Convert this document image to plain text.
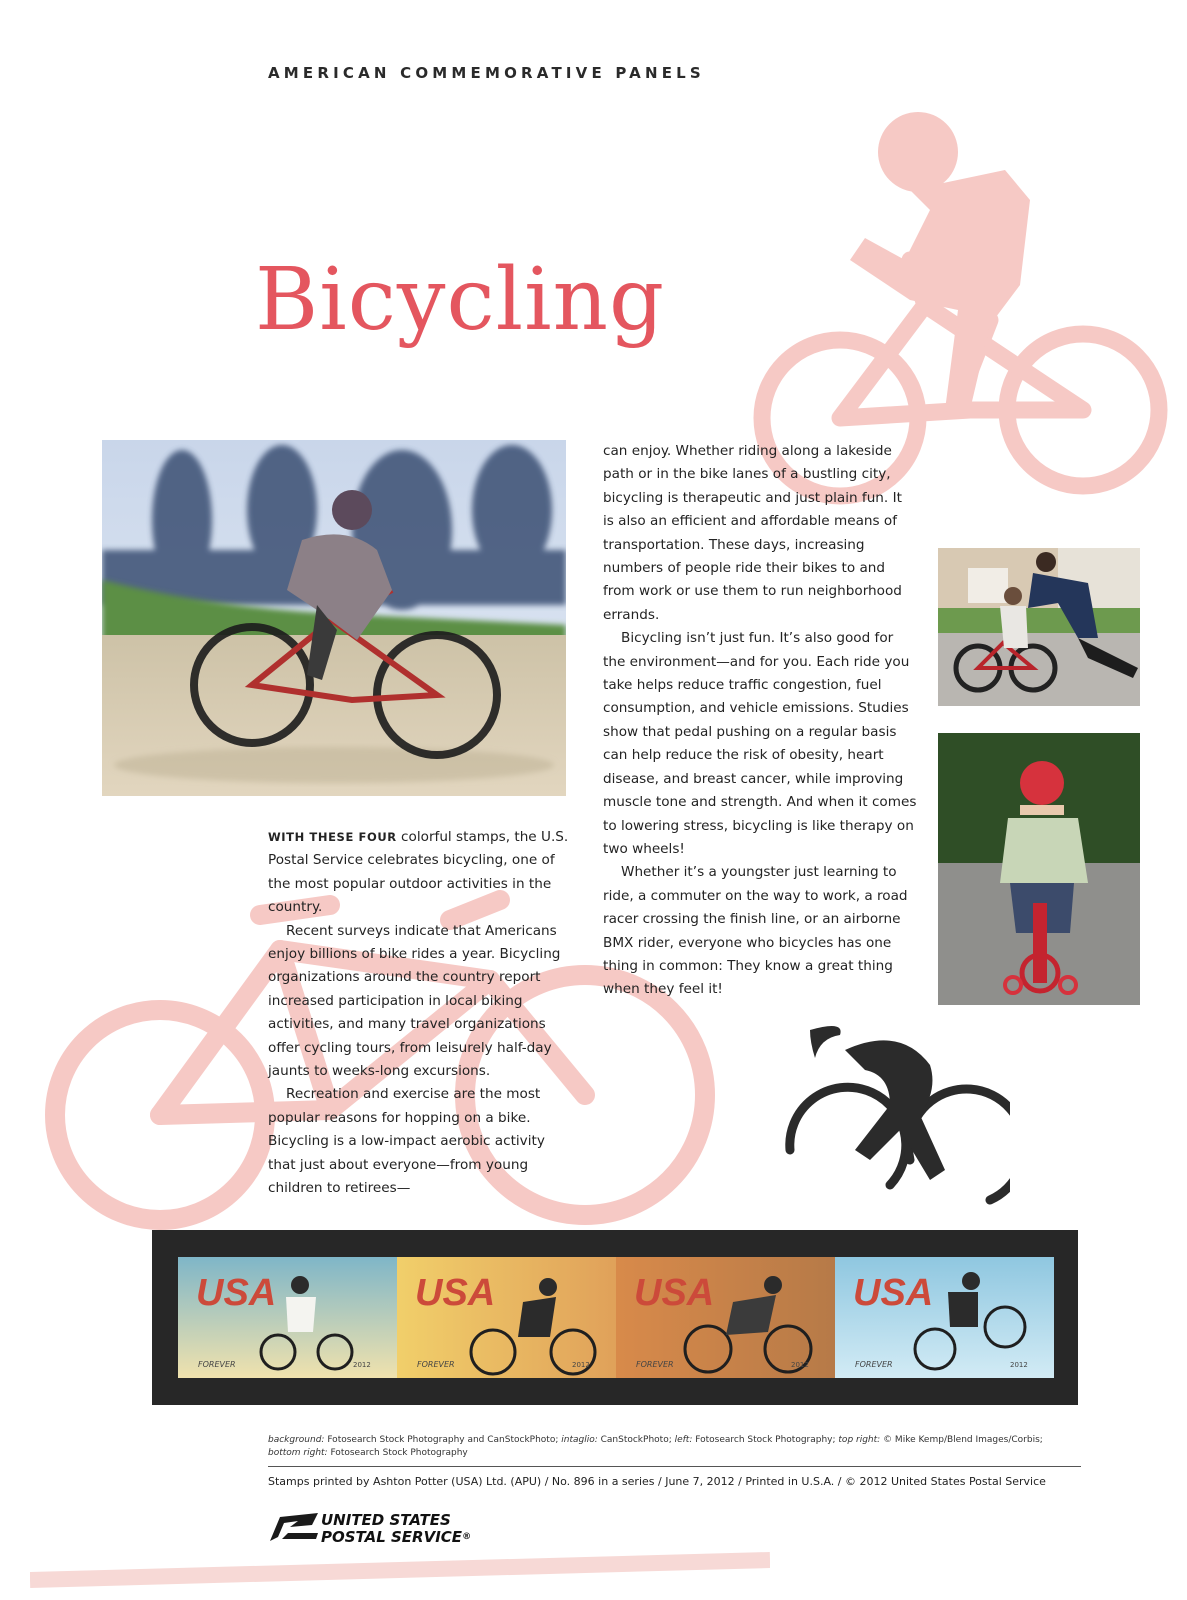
AMERICAN COMMEMORATIVE PANELS
Bicycling

WITH THESE FOUR colorful stamps, the U.S. Postal Service celebrates bicycling, one of the most popular outdoor activities in the country.

Recent surveys indicate that Americans enjoy billions of bike rides a year. Bicycling organizations around the country report increased participation in local biking activities, and many travel organizations offer cycling tours, from leisurely half-day jaunts to weeks-long excursions.

Recreation and exercise are the most popular reasons for hopping on a bike. Bicycling is a low-impact aerobic activity that just about everyone—from young children to retirees—

can enjoy. Whether riding along a lakeside path or in the bike lanes of a bustling city, bicycling is therapeutic and just plain fun. It is also an efficient and affordable means of transportation. These days, increasing numbers of people ride their bikes to and from work or use them to run neighborhood errands.

Bicycling isn’t just fun. It’s also good for the environment—and for you. Each ride you take helps reduce traffic congestion, fuel consumption, and vehicle emissions. Studies show that pedal pushing on a regular basis can help reduce the risk of obesity, heart disease, and breast cancer, while improving muscle tone and strength. And when it comes to lowering stress, bicycling is like therapy on two wheels!

Whether it’s a youngster just learning to ride, a commuter on the way to work, a road racer crossing the finish line, or an airborne BMX rider, everyone who bicycles has one thing in common: They know a great thing when they feel it!

USA	USA	USA	USA
FOREVER	FOREVER	FOREVER	FOREVER
2012	2012	2012	2012
background: Fotosearch Stock Photography and CanStockPhoto; intaglio: CanStockPhoto; left: Fotosearch Stock Photography; top right: © Mike Kemp/Blend Images/Corbis; bottom right: Fotosearch Stock Photography
Stamps printed by Ashton Potter (USA) Ltd. (APU) / No. 896 in a series / June 7, 2012 / Printed in U.S.A. / © 2012 United States Postal Service
UNITED STATES
POSTAL SERVICE®
